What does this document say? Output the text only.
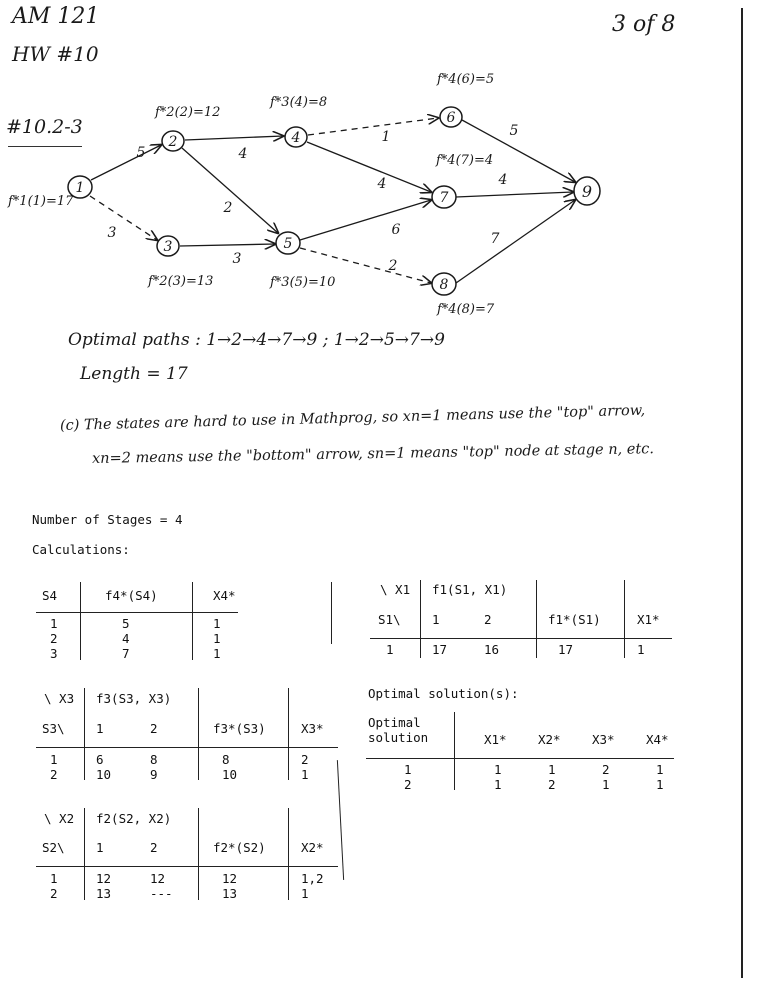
AM 121
HW #10
3 of 8
#10.2-3
1
2
3
4
5
6
7
8
9
5
3
4
2
3
1
4
6
2
5
4
7
f*1(1)=17
f*2(2)=12
f*2(3)=13
f*3(4)=8
f*3(5)=10
f*4(6)=5
f*4(7)=4
f*4(8)=7
Optimal paths : 1→2→4→7→9 ; 1→2→5→7→9
Length = 17
(c) The states are hard to use in Mathprog, so xn=1 means use the "top" arrow,
xn=2 means use the "bottom" arrow, sn=1 means "top" node at stage n, etc.
Number of Stages = 4
Calculations:
S4	f4*(S4)	X4*
1	5	1
2	4	1
3	7	1
\ X1 f1(S1, X1)
S1\	1	2	f1*(S1)	X1*
1	17	16	17	1
\ X3 f3(S3, X3)
S3\	1	2	f3*(S3)	X3*
1	6	8	8	2
2	10	9	10	1
\ X2 f2(S2, X2)
S2\	1	2	f2*(S2)	X2*
1	12	12	12	1,2
2	13	---	13	1
Optimal solution(s):
Optimal
solution	X1*	X2*	X3*	X4*
1	1	1	2	1
2	1	2	1	1
